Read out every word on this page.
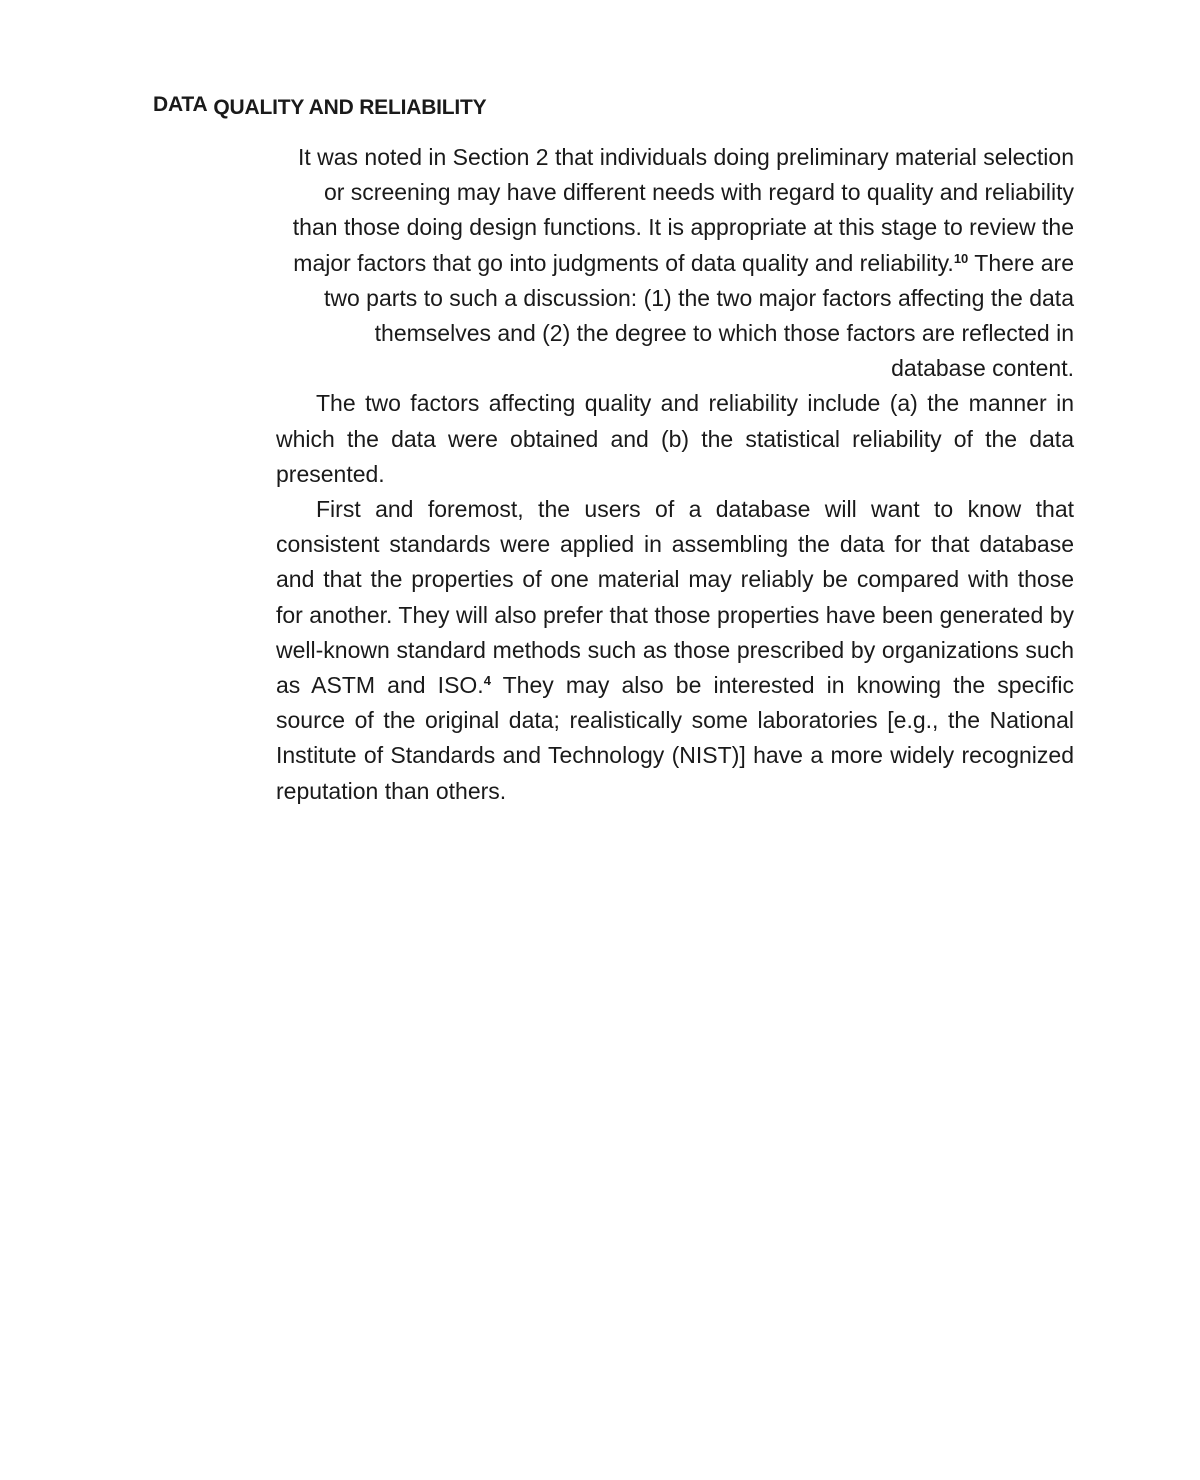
DATA QUALITY AND RELIABILITY

It was noted in Section 2 that individuals doing preliminary material selection or screening may have different needs with regard to quality and reliability than those doing design functions. It is appropriate at this stage to review the major factors that go into judgments of data quality and reliability.$^{10}$ There are two parts to such a discussion: (1) the two major factors affecting the data themselves and (2) the degree to which those factors are reflected in database content.

The two factors affecting quality and reliability include (a) the manner in which the data were obtained and (b) the statistical reliability of the data presented.

First and foremost, the users of a database will want to know that consistent standards were applied in assembling the data for that database and that the properties of one material may reliably be compared with those for another. They will also prefer that those properties have been generated by well-known standard methods such as those prescribed by organizations such as ASTM and ISO.$^4$ They may also be interested in knowing the specific source of the original data; realistically some laboratories [e.g., the National Institute of Standards and Technology (NIST)] have a more widely recognized reputation than others.
